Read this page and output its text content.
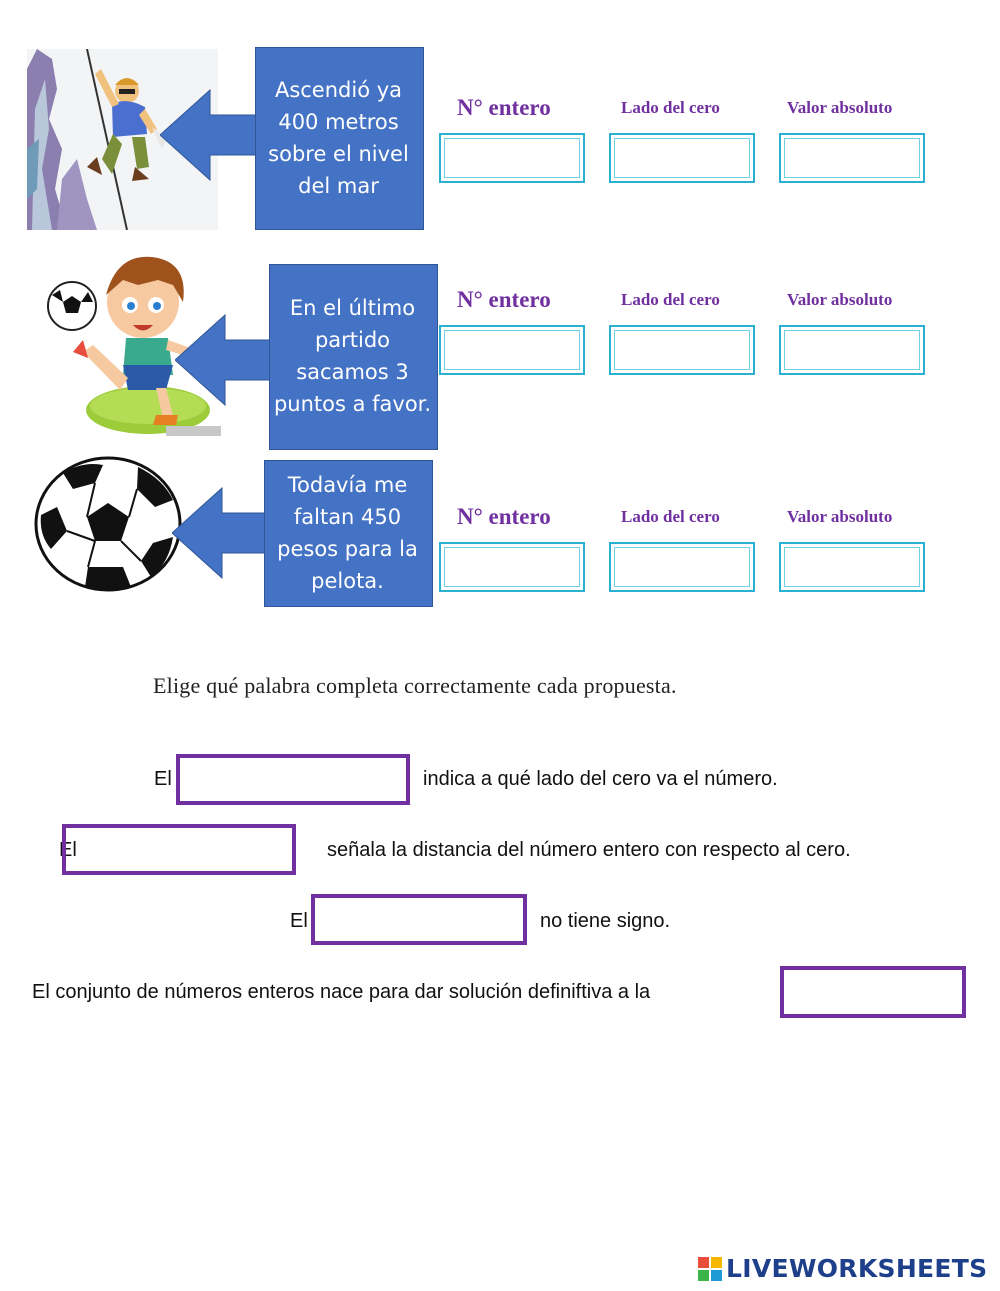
Ascendió ya 400 metros sobre el nivel del mar
N° entero	Lado del cero	Valor absoluto
En el último partido sacamos 3 puntos a favor.
N° entero	Lado del cero	Valor absoluto
Todavía me faltan 450 pesos para la pelota.
N° entero	Lado del cero	Valor absoluto
Elige qué palabra completa correctamente cada propuesta.
El	indica a qué lado del cero va el número.
El	señala la distancia del número entero con respecto al cero.
El	no tiene signo.
El conjunto de números enteros nace para dar solución definiftiva a la
LIVEWORKSHEETS
